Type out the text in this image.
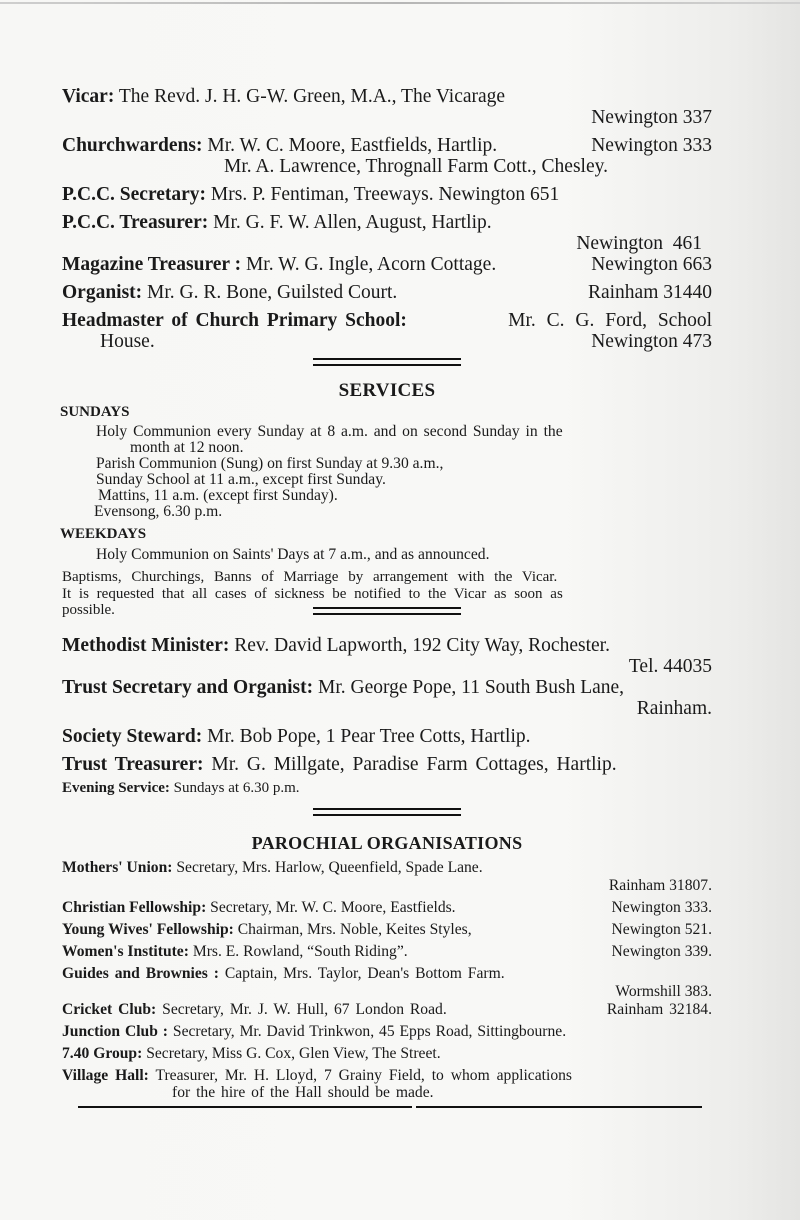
Vicar: The Revd. J. H. G-W. Green, M.A., The Vicarage
Newington 337
Churchwardens: Mr. W. C. Moore, Eastfields, Hartlip.	Newington 333
Mr. A. Lawrence, Thrognall Farm Cott., Chesley.
P.C.C. Secretary: Mrs. P. Fentiman, Treeways. Newington 651
P.C.C. Treasurer: Mr. G. F. W. Allen, August, Hartlip.
Newington  461
Magazine Treasurer : Mr. W. G. Ingle, Acorn Cottage.	Newington 663
Organist: Mr. G. R. Bone, Guilsted Court.	Rainham 31440
Headmaster of Church Primary School:	Mr. C. G. Ford, School
House.	Newington 473
SERVICES
SUNDAYS
Holy Communion every Sunday at 8 a.m. and on second Sunday in the
month at 12 noon.
Parish Communion (Sung) on first Sunday at 9.30 a.m.,
Sunday School at 11 a.m., except first Sunday.
Mattins, 11 a.m. (except first Sunday).
Evensong, 6.30 p.m.
WEEKDAYS
Holy Communion on Saints' Days at 7 a.m., and as announced.
Baptisms, Churchings, Banns of Marriage by arrangement with the Vicar.
It is requested that all cases of sickness be notified to the Vicar as soon as
possible.
Methodist Minister: Rev. David Lapworth, 192 City Way, Rochester.
Tel. 44035
Trust Secretary and Organist: Mr. George Pope, 11 South Bush Lane,
Rainham.
Society Steward: Mr. Bob Pope, 1 Pear Tree Cotts, Hartlip.
Trust Treasurer: Mr. G. Millgate, Paradise Farm Cottages, Hartlip.
Evening Service: Sundays at 6.30 p.m.
PAROCHIAL ORGANISATIONS
Mothers' Union: Secretary, Mrs. Harlow, Queenfield, Spade Lane.
Rainham 31807.
Christian Fellowship: Secretary, Mr. W. C. Moore, Eastfields.	Newington 333.
Young Wives' Fellowship: Chairman, Mrs. Noble, Keites Styles,	Newington 521.
Women's Institute: Mrs. E. Rowland, “South Riding”.	Newington 339.
Guides and Brownies : Captain, Mrs. Taylor, Dean's Bottom Farm.
Wormshill 383.
Cricket Club: Secretary, Mr. J. W. Hull, 67 London Road.	Rainham 32184.
Junction Club : Secretary, Mr. David Trinkwon, 45 Epps Road, Sittingbourne.
7.40 Group: Secretary, Miss G. Cox, Glen View, The Street.
Village Hall: Treasurer, Mr. H. Lloyd, 7 Grainy Field, to whom applications
for the hire of the Hall should be made.
